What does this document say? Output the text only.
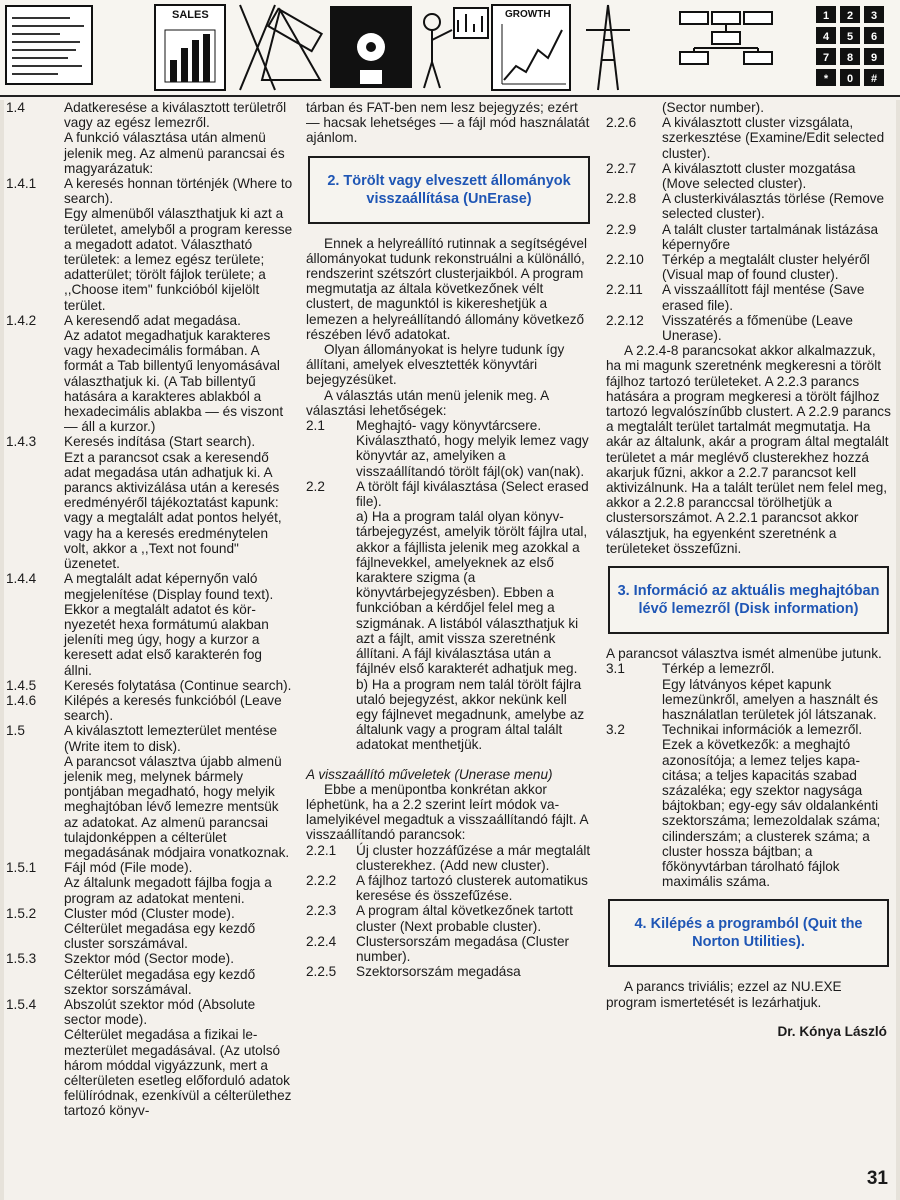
SALES	GROWTH	1 2 3
4 5 6
7 8 9
* 0 #
1.4	Adatkeresése a kiválasztott területről vagy az egész lemezről.
A funkció választása után almenü jelenik meg. Az almenü parancsai és magyarázatuk:
1.4.1	A keresés honnan történjék (Where to search).
Egy almenüből választhatjuk ki azt a területet, amelyből a program keresse a megadott adatot. Választható területek: a lemez egész területe; adatterület; törölt fájlok területe; a ,,Choose item" funkcióból kijelölt terület.
1.4.2	A keresendő adat megadása.
Az adatot megadhatjuk karakteres vagy hexadecimális formában. A formát a Tab billentyű lenyomásával választhatjuk ki. (A Tab billentyű hatására a karakteres ablakból a hexadecimális ablakba — és viszont — áll a kurzor.)
1.4.3	Keresés indítása (Start search).
Ezt a parancsot csak a keresendő adat megadása után adhatjuk ki. A parancs aktivizálása után a keresés eredményéről tájékoztatást kapunk: vagy a megtalált adat pontos helyét, vagy ha a keresés eredménytelen volt, akkor a ,,Text not found" üzenetet.
1.4.4	A megtalált adat képernyőn való megjelenítése (Display found text).
Ekkor a megtalált adatot és környezetét hexa formátumú alakban jeleníti meg úgy, hogy a kurzor a keresett adat első karakterén fog állni.
1.4.5	Keresés folytatása (Continue search).
1.4.6	Kilépés a keresés funkcióból (Leave search).
1.5	A kiválasztott lemezterület mentése (Write item to disk).
A parancsot választva újabb almenü jelenik meg, melynek bármely pontjában megadható, hogy melyik meghajtóban lévő lemezre mentsük az adatokat. Az almenü parancsai tulajdonképpen a célterület megadásának módjaira vonatkoznak.
1.5.1	Fájl mód (File mode).
Az általunk megadott fájlba fogja a program az adatokat menteni.
1.5.2	Cluster mód (Cluster mode).
Célterület megadása egy kezdő cluster sorszámával.
1.5.3	Szektor mód (Sector mode).
Célterület megadása egy kezdő szektor sorszámával.
1.5.4	Abszolút szektor mód (Absolute sector mode).
Célterület megadása a fizikai lemezterület megadásával. (Az utolsó három móddal vigyázzunk, mert a célterületen esetleg előforduló adatok felülíródnak, ezenkívül a célterülethez tartozó könyv-
tárban és FAT-ben nem lesz bejegyzés; ezért — hacsak lehetséges — a fájl mód használatát ajánlom.
2. Törölt vagy elveszett állományok visszaállítása (UnErase)
Ennek a helyreállító rutinnak a segítségével állományokat tudunk rekonstruálni a különálló, rendszerint szétszórt clusterjaikból. A program megmutatja az általa következőnek vélt clustert, de magunktól is kikereshetjük a lemezen a helyreállítandó állomány következő részében lévő adatokat.
Olyan állományokat is helyre tudunk így állítani, amelyek elvesztették könyvtári bejegyzésüket.
A választás után menü jelenik meg. A választási lehetőségek:
2.1	Meghajtó- vagy könyvtárcsere.
Kiválasztható, hogy melyik lemez vagy könyvtár az, amelyiken a visszaállítandó törölt fájl(ok) van(nak).
2.2	A törölt fájl kiválasztása (Select erased file).
a) Ha a program talál olyan könyvtárbejegyzést, amelyik törölt fájlra utal, akkor a fájllista jelenik meg azokkal a fájlnevekkel, amelyeknek az első karaktere szigma (a könyvtárbejegyzésben). Ebben a funkcióban a kérdőjel felel meg a szigmának. A listából választhatjuk ki azt a fájlt, amit vissza szeretnénk állítani. A fájl kiválasztása után a fájlnév első karakterét adhatjuk meg.
b) Ha a program nem talál törölt fájlra utaló bejegyzést, akkor nekünk kell egy fájlnevet megadnunk, amelybe az általunk vagy a program által talált adatokat menthetjük.
A visszaállító műveletek (Unerase menu)
Ebbe a menüpontba konkrétan akkor léphetünk, ha a 2.2 szerint leírt módok valamelyikével megadtuk a visszaállítandó fájlt. A visszaállítandó parancsok:
2.2.1	Új cluster hozzáfűzése a már megtalált clusterekhez. (Add new cluster).
2.2.2	A fájlhoz tartozó clusterek automatikus keresése és összefűzése.
2.2.3	A program által következőnek tartott cluster (Next probable cluster).
2.2.4	Clustersorszám megadása (Cluster number).
2.2.5	Szektorsorszám megadása
(Sector number).
2.2.6	A kiválasztott cluster vizsgálata, szerkesztése (Examine/Edit selected cluster).
2.2.7	A kiválasztott cluster mozgatása (Move selected cluster).
2.2.8	A clusterkiválasztás törlése (Remove selected cluster).
2.2.9	A talált cluster tartalmának listázása képernyőre
2.2.10	Térkép a megtalált cluster helyéről (Visual map of found cluster).
2.2.11	A visszaállított fájl mentése (Save erased file).
2.2.12	Visszatérés a főmenübe (Leave Unerase).
A 2.2.4-8 parancsokat akkor alkalmazzuk, ha mi magunk szeretnénk megkeresni a törölt fájlhoz tartozó területeket. A 2.2.3 parancs hatására a program megkeresi a törölt fájlhoz tartozó legvalószínűbb clustert. A 2.2.9 parancs a megtalált terület tartalmát megmutatja. Ha akár az általunk, akár a program által megtalált területet a már meglévő clusterekhez hozzá akarjuk fűzni, akkor a 2.2.7 parancsot kell aktivizálnunk. Ha a talált terület nem felel meg, akkor a 2.2.8 paranccsal törölhetjük a clustersorszámot. A 2.2.1 parancsot akkor választjuk, ha egyenként szeretnénk a területeket összefűzni.
3. Információ az aktuális meghajtóban lévő lemezről (Disk information)
A parancsot választva ismét almenübe jutunk.
3.1	Térkép a lemezről.
Egy látványos képet kapunk lemezünkről, amelyen a használt és használatlan területek jól látszanak.
3.2	Technikai információk a lemezről.
Ezek a következők: a meghajtó azonosítója; a lemez teljes kapacitása; a teljes kapacitás szabad százaléka; egy szektor nagysága bájtokban; egy-egy sáv oldalankénti szektorszáma; lemezoldalak száma; cilinderszám; a clusterek száma; a cluster hossza bájtban; a főkönyvtárban tárolható fájlok maximális száma.
4. Kilépés a programból (Quit the Norton Utilities).
A parancs triviális; ezzel az NU.EXE program ismertetését is lezárhatjuk.
Dr. Kónya László
31
